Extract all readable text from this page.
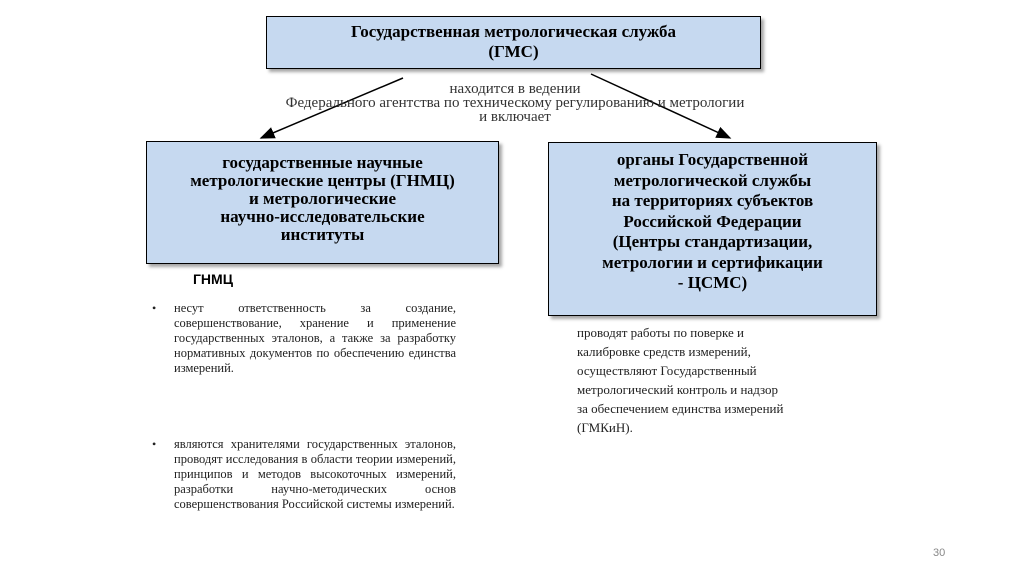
Государственная метрологическая служба
(ГМС)
находится в ведении
Федерального агентства по техническому регулированию и метрологии
и включает
государственные научные
метрологические центры (ГНМЦ)
и метрологические
научно-исследовательские
институты
органы Государственной
метрологической службы
на территориях субъектов
Российской Федерации
(Центры стандартизации,
метрологии и сертификации
- ЦСМС)
ГНМЦ
• несут ответственность за создание, совершенствование, хранение и применение государственных эталонов, а также за разработку нормативных документов по обеспечению единства измерений.
• являются хранителями государственных эталонов, проводят исследования в области теории измерений, принципов и методов высокоточных измерений, разработки научно-методических основ совершенствования Российской системы измерений.
проводят работы по поверке и
калибровке средств измерений,
осуществляют Государственный
метрологический контроль и надзор
за обеспечением единства измерений
(ГМКиН).
30
